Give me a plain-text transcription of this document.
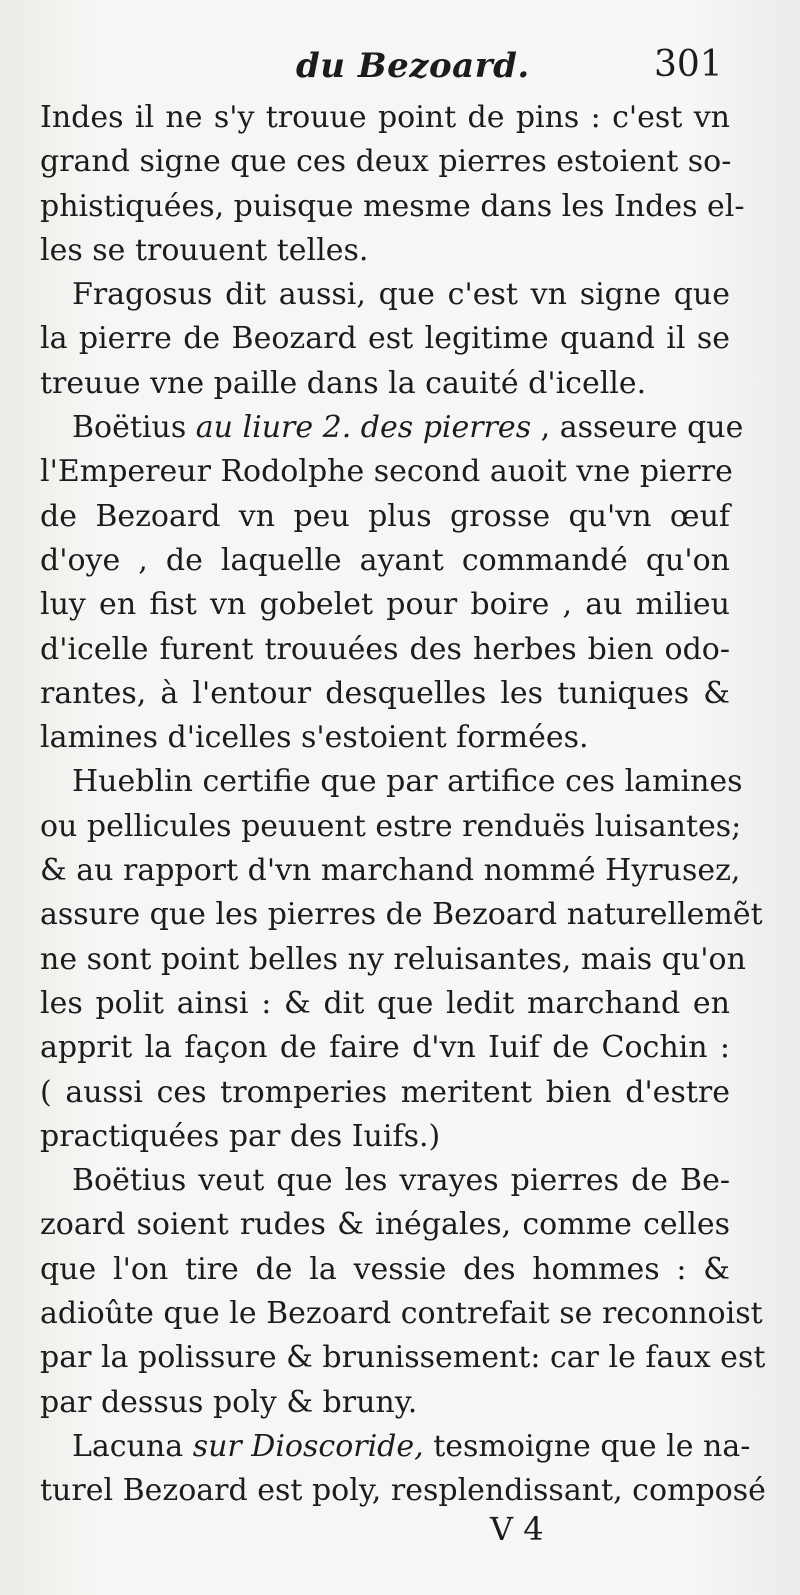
du Bezoard.	301
Indes il ne s'y trouue point de pins : c'est vn
grand signe que ces deux pierres estoient so-
phistiquées, puisque mesme dans les Indes el-
les se trouuent telles.
Fragosus dit aussi, que c'est vn signe que
la pierre de Beozard est legitime quand il se
treuue vne paille dans la cauité d'icelle.
Boëtius au liure 2. des pierres , asseure que
l'Empereur Rodolphe second auoit vne pierre
de Bezoard vn peu plus grosse qu'vn œuf
d'oye , de laquelle ayant commandé qu'on
luy en fist vn gobelet pour boire , au milieu
d'icelle furent trouuées des herbes bien odo-
rantes, à l'entour desquelles les tuniques &
lamines d'icelles s'estoient formées.
Hueblin certifie que par artifice ces lamines
ou pellicules peuuent estre renduës luisantes;
& au rapport d'vn marchand nommé Hyrusez,
assure que les pierres de Bezoard naturellemẽt
ne sont point belles ny reluisantes, mais qu'on
les polit ainsi : & dit que ledit marchand en
apprit la façon de faire d'vn Iuif de Cochin :
( aussi ces tromperies meritent bien d'estre
practiquées par des Iuifs.)
Boëtius veut que les vrayes pierres de Be-
zoard soient rudes & inégales, comme celles
que l'on tire de la vessie des hommes : &
adioûte que le Bezoard contrefait se reconnoist
par la polissure & brunissement: car le faux est
par dessus poly & bruny.
Lacuna sur Dioscoride, tesmoigne que le na-
turel Bezoard est poly, resplendissant, composé
V 4
